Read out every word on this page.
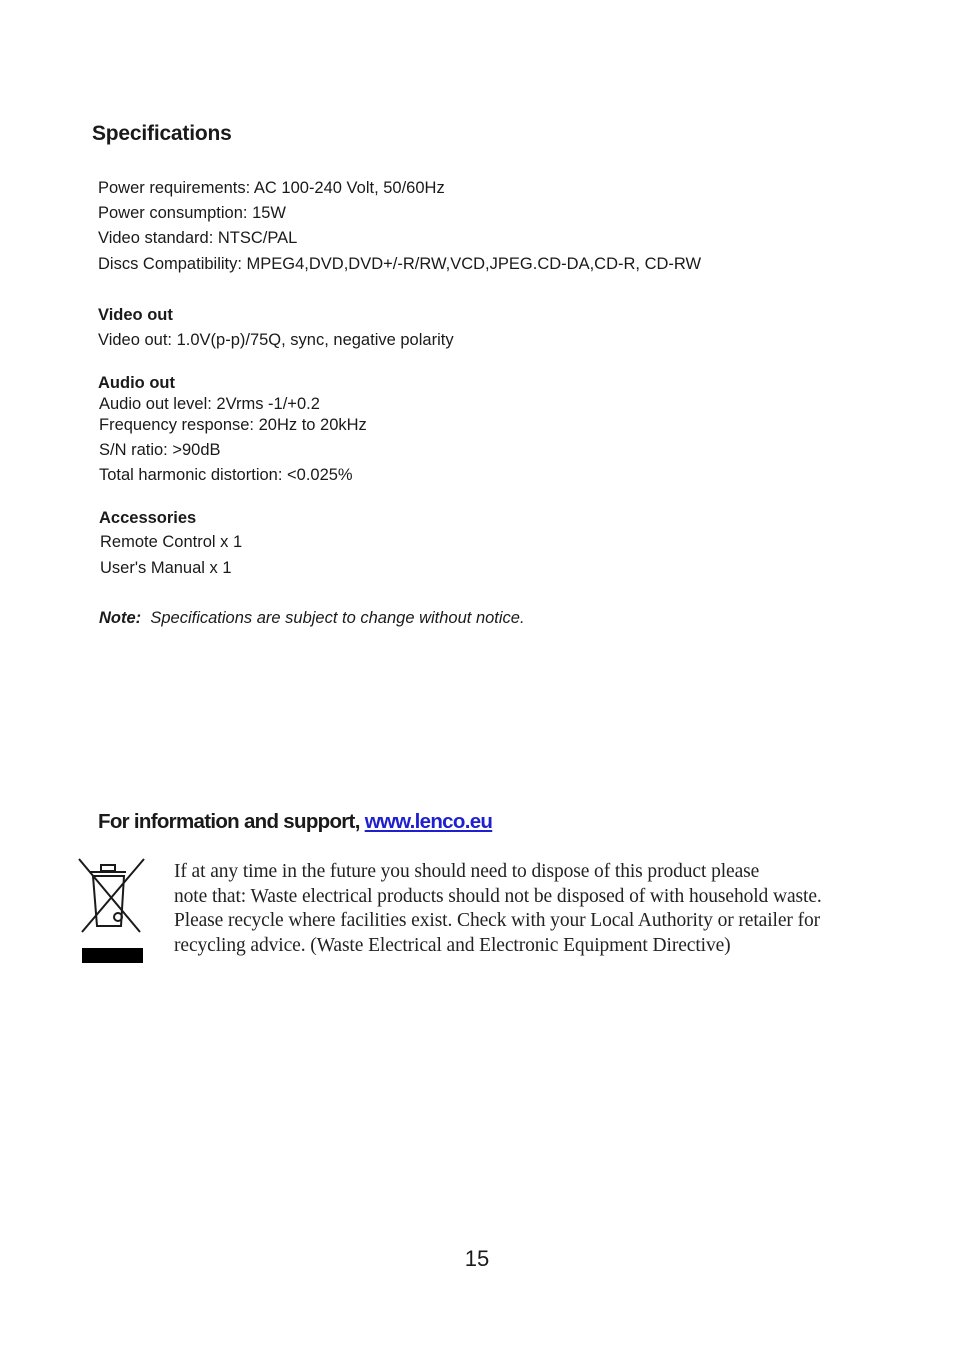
Specifications
Power requirements: AC 100-240 Volt, 50/60Hz
Power consumption: 15W
Video standard: NTSC/PAL
Discs Compatibility: MPEG4,DVD,DVD+/-R/RW,VCD,JPEG.CD-DA,CD-R, CD-RW
Video out
Video out: 1.0V(p-p)/75Q, sync, negative polarity
Audio out
Audio out level: 2Vrms -1/+0.2
Frequency response: 20Hz to 20kHz
S/N ratio: >90dB
Total harmonic distortion: <0.025%
Accessories
Remote Control x 1
User's Manual x 1
Note: Specifications are subject to change without notice.
For information and support, www.lenco.eu
If at any time in the future you should need to dispose of this product please
note that: Waste electrical products should not be disposed of with household waste.
Please recycle where facilities exist. Check with your Local Authority or retailer for
recycling advice. (Waste Electrical and Electronic Equipment Directive)
15
